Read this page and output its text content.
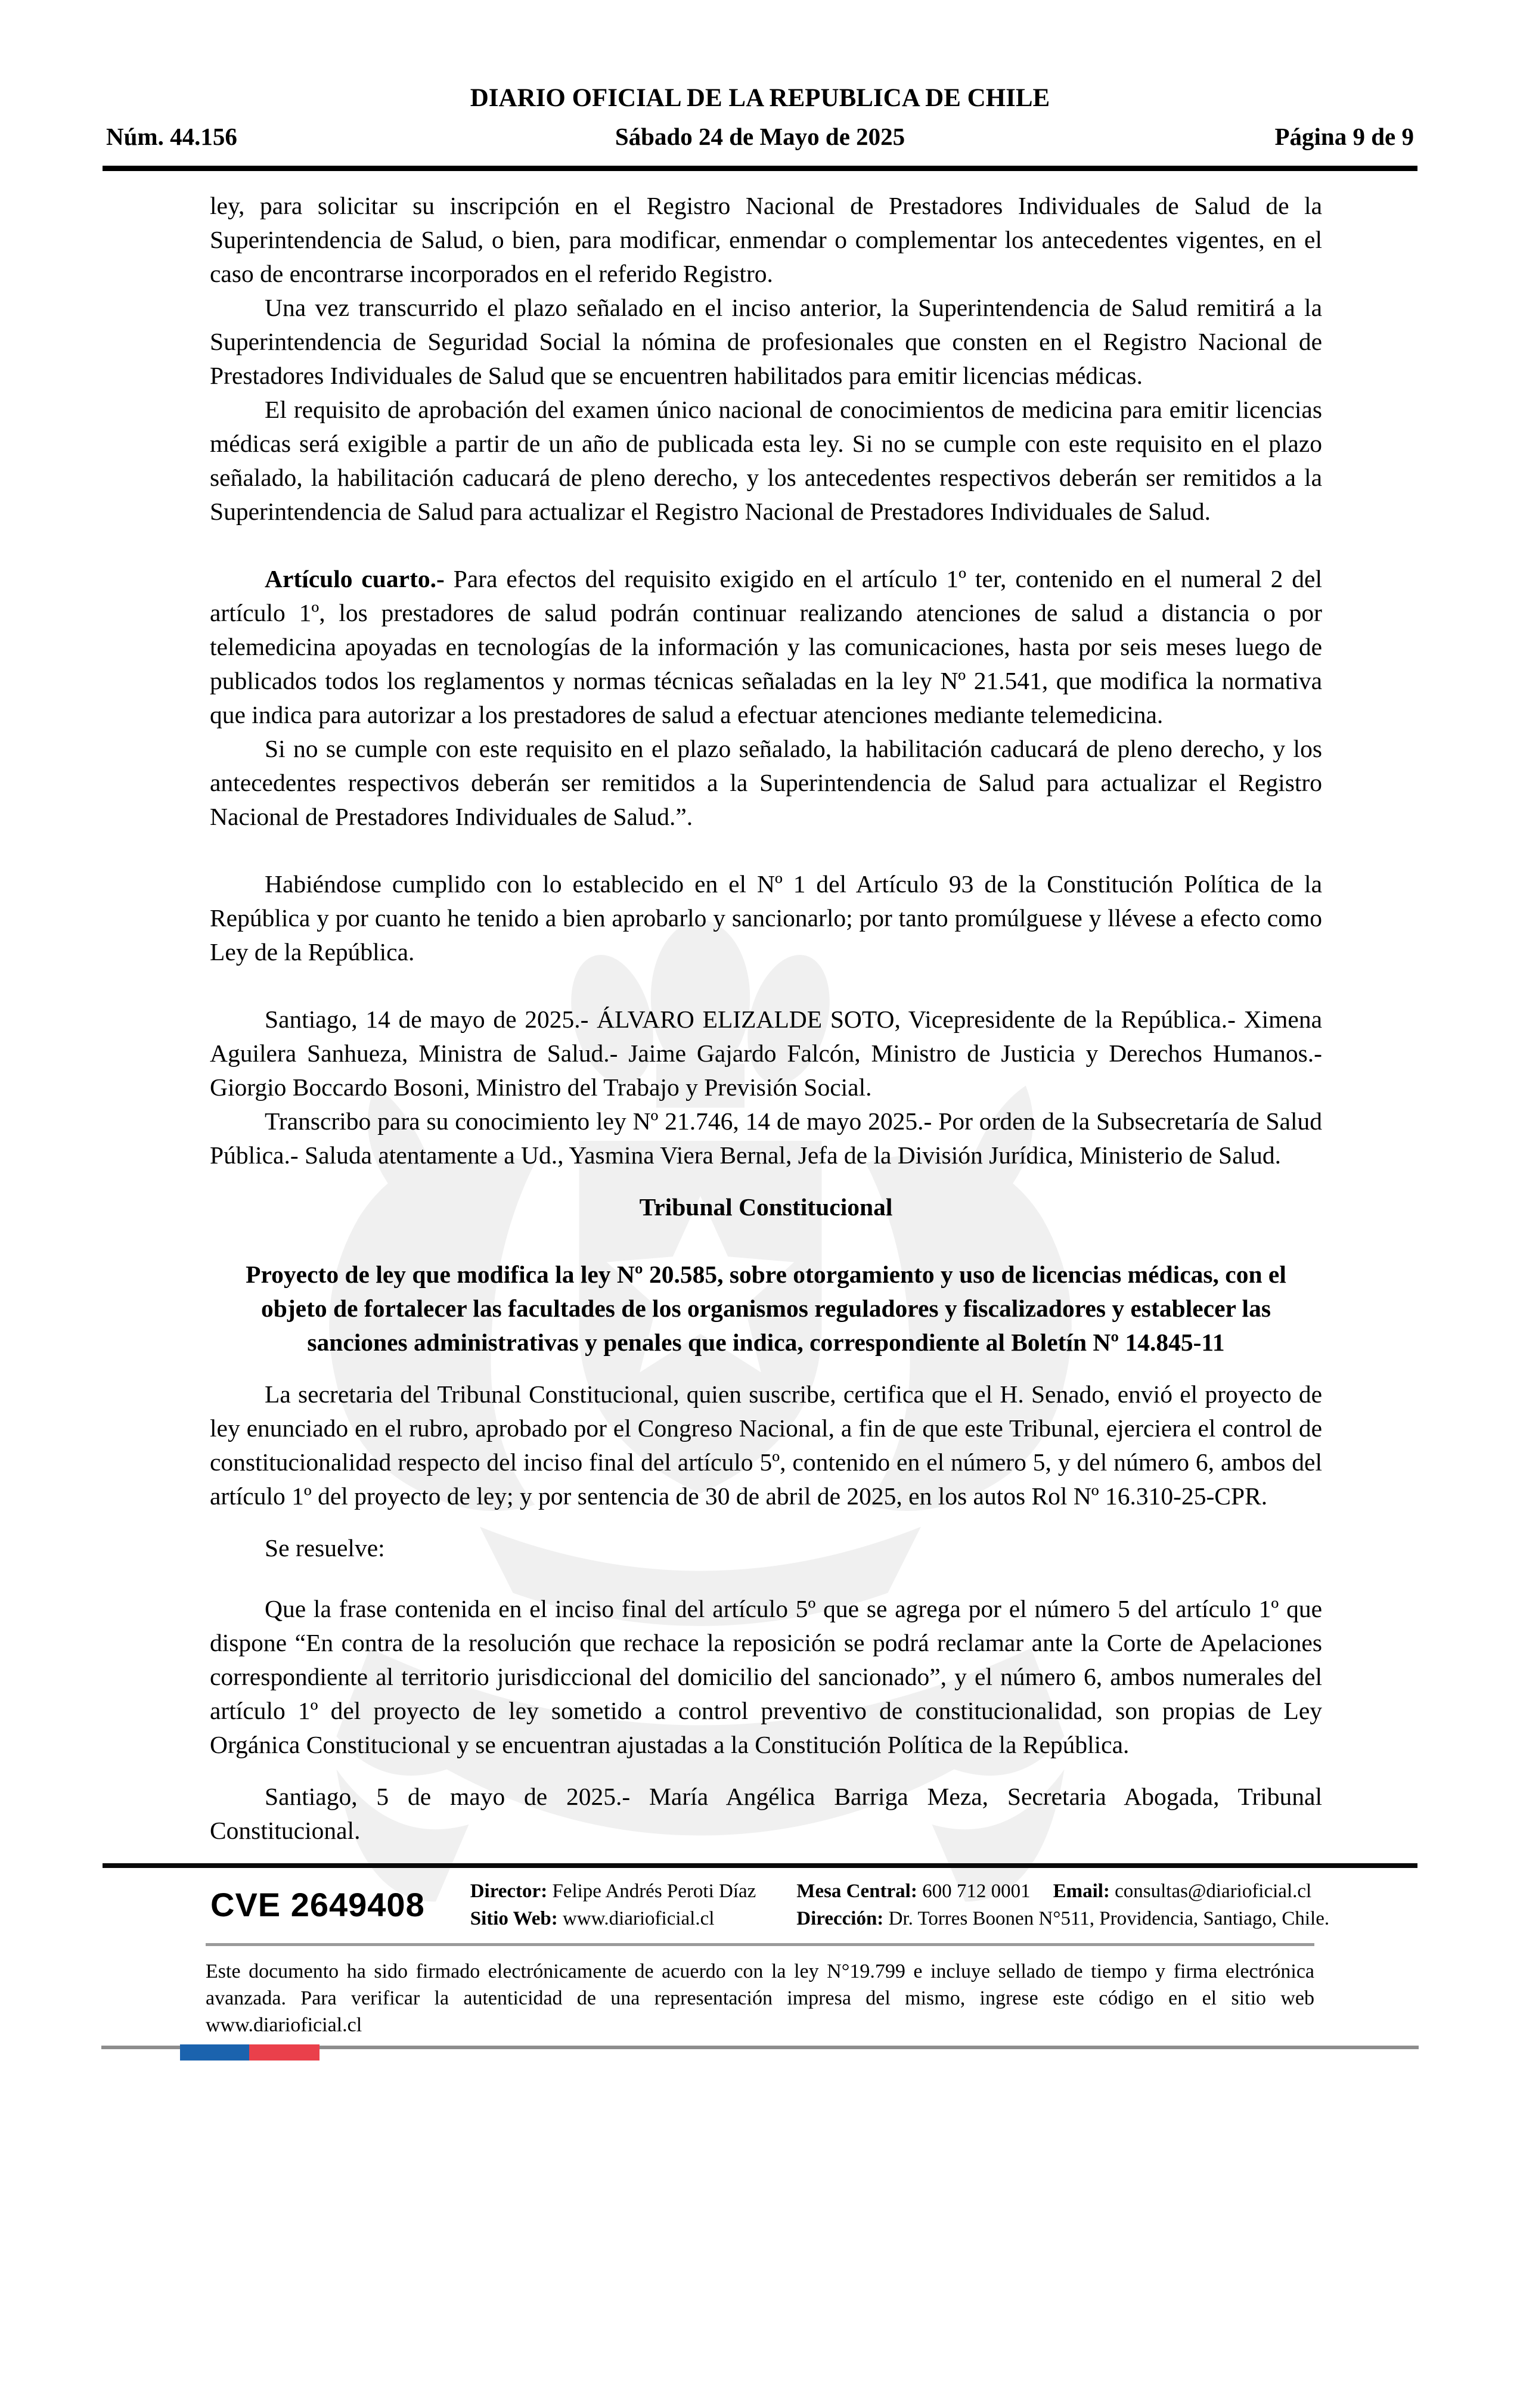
DIARIO OFICIAL DE LA REPUBLICA DE CHILE
Núm. 44.156	Sábado 24 de Mayo de 2025	Página 9 de 9

ley, para solicitar su inscripción en el Registro Nacional de Prestadores Individuales de Salud de la Superintendencia de Salud, o bien, para modificar, enmendar o complementar los antecedentes vigentes, en el caso de encontrarse incorporados en el referido Registro.

Una vez transcurrido el plazo señalado en el inciso anterior, la Superintendencia de Salud remitirá a la Superintendencia de Seguridad Social la nómina de profesionales que consten en el Registro Nacional de Prestadores Individuales de Salud que se encuentren habilitados para emitir licencias médicas.

El requisito de aprobación del examen único nacional de conocimientos de medicina para emitir licencias médicas será exigible a partir de un año de publicada esta ley. Si no se cumple con este requisito en el plazo señalado, la habilitación caducará de pleno derecho, y los antecedentes respectivos deberán ser remitidos a la Superintendencia de Salud para actualizar el Registro Nacional de Prestadores Individuales de Salud.

Artículo cuarto.- Para efectos del requisito exigido en el artículo 1º ter, contenido en el numeral 2 del artículo 1º, los prestadores de salud podrán continuar realizando atenciones de salud a distancia o por telemedicina apoyadas en tecnologías de la información y las comunicaciones, hasta por seis meses luego de publicados todos los reglamentos y normas técnicas señaladas en la ley Nº 21.541, que modifica la normativa que indica para autorizar a los prestadores de salud a efectuar atenciones mediante telemedicina.

Si no se cumple con este requisito en el plazo señalado, la habilitación caducará de pleno derecho, y los antecedentes respectivos deberán ser remitidos a la Superintendencia de Salud para actualizar el Registro Nacional de Prestadores Individuales de Salud.”.

Habiéndose cumplido con lo establecido en el Nº 1 del Artículo 93 de la Constitución Política de la República y por cuanto he tenido a bien aprobarlo y sancionarlo; por tanto promúlguese y llévese a efecto como Ley de la República.

Santiago, 14 de mayo de 2025.- ÁLVARO ELIZALDE SOTO, Vicepresidente de la República.- Ximena Aguilera Sanhueza, Ministra de Salud.- Jaime Gajardo Falcón, Ministro de Justicia y Derechos Humanos.- Giorgio Boccardo Bosoni, Ministro del Trabajo y Previsión Social.

Transcribo para su conocimiento ley Nº 21.746, 14 de mayo 2025.- Por orden de la Subsecretaría de Salud Pública.- Saluda atentamente a Ud., Yasmina Viera Bernal, Jefa de la División Jurídica, Ministerio de Salud.

Tribunal Constitucional
Proyecto de ley que modifica la ley Nº 20.585, sobre otorgamiento y uso de licencias médicas, con el objeto de fortalecer las facultades de los organismos reguladores y fiscalizadores y establecer las sanciones administrativas y penales que indica, correspondiente al Boletín Nº 14.845-11

La secretaria del Tribunal Constitucional, quien suscribe, certifica que el H. Senado, envió el proyecto de ley enunciado en el rubro, aprobado por el Congreso Nacional, a fin de que este Tribunal, ejerciera el control de constitucionalidad respecto del inciso final del artículo 5º, contenido en el número 5, y del número 6, ambos del artículo 1º del proyecto de ley; y por sentencia de 30 de abril de 2025, en los autos Rol Nº 16.310-25-CPR.

Se resuelve:

Que la frase contenida en el inciso final del artículo 5º que se agrega por el número 5 del artículo 1º que dispone “En contra de la resolución que rechace la reposición se podrá reclamar ante la Corte de Apelaciones correspondiente al territorio jurisdiccional del domicilio del sancionado”, y el número 6, ambos numerales del artículo 1º del proyecto de ley sometido a control preventivo de constitucionalidad, son propias de Ley Orgánica Constitucional y se encuentran ajustadas a la Constitución Política de la República.

Santiago, 5 de mayo de 2025.- María Angélica Barriga Meza, Secretaria Abogada, Tribunal Constitucional.

CVE 2649408	Director: Felipe Andrés Peroti Díaz
Sitio Web: www.diarioficial.cl
Mesa Central: 600 712 0001 Email: consultas@diarioficial.cl
Dirección: Dr. Torres Boonen N°511, Providencia, Santiago, Chile.
Este documento ha sido firmado electrónicamente de acuerdo con la ley N°19.799 e incluye sellado de tiempo y firma electrónica avanzada. Para verificar la autenticidad de una representación impresa del mismo, ingrese este código en el sitio web www.diarioficial.cl
